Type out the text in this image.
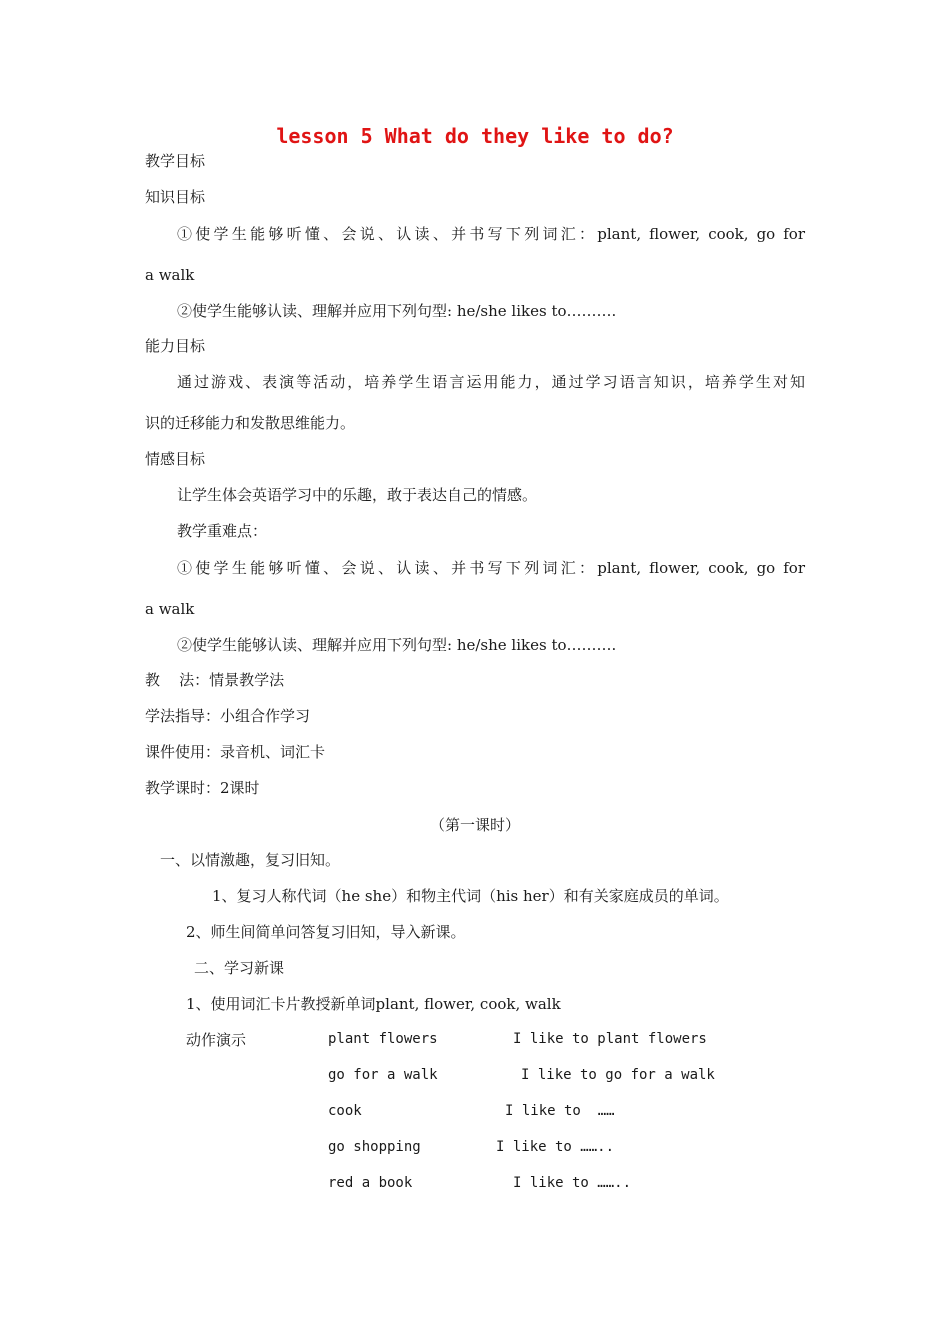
lesson 5 What do they like to do?
教学目标
知识目标
①使学生能够听懂、会说、认读、并书写下列词汇：plant, flower, cook, go for
a walk
②使学生能够认读、理解并应用下列句型: he/she likes to……….
能力目标
通过游戏、表演等活动，培养学生语言运用能力，通过学习语言知识，培养学生对知
识的迁移能力和发散思维能力。
情感目标
让学生体会英语学习中的乐趣，敢于表达自己的情感。
教学重难点：
①使学生能够听懂、会说、认读、并书写下列词汇：plant, flower, cook, go for
a walk
②使学生能够认读、理解并应用下列句型: he/she likes to……….
教    法：情景教学法
学法指导：小组合作学习
课件使用：录音机、词汇卡
教学课时：2课时
（第一课时）
一、以情激趣，复习旧知。
1、复习人称代词（he she）和物主代词（his her）和有关家庭成员的单词。
2、师生间简单问答复习旧知，导入新课。
二、学习新课
1、使用词汇卡片教授新单词plant, flower, cook, walk
动作演示	plant flowers	I like to plant flowers
go for a walk	I like to go for a walk
cook	I like to  ……
go shopping	I like to ……..
red a book	I like to ……..
